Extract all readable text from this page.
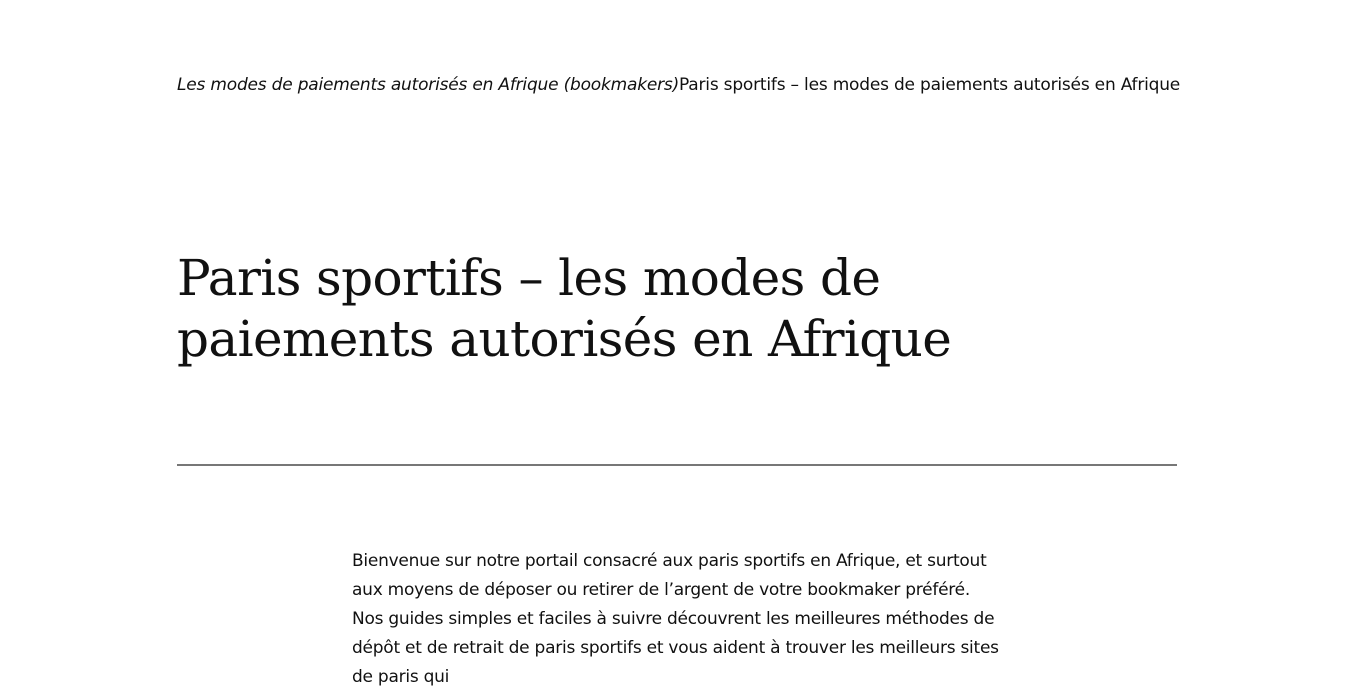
Les modes de paiements autorisés en Afrique (bookmakers) Paris sportifs – les modes de paiements autorisés en Afrique
Paris sportifs – les modes de paiements autorisés en Afrique

Bienvenue sur notre portail consacré aux paris sportifs en Afrique, et surtout aux moyens de déposer ou retirer de l’argent de votre bookmaker préféré. Nos guides simples et faciles à suivre découvrent les meilleures méthodes de dépôt et de retrait de paris sportifs et vous aident à trouver les meilleurs sites de paris qui
